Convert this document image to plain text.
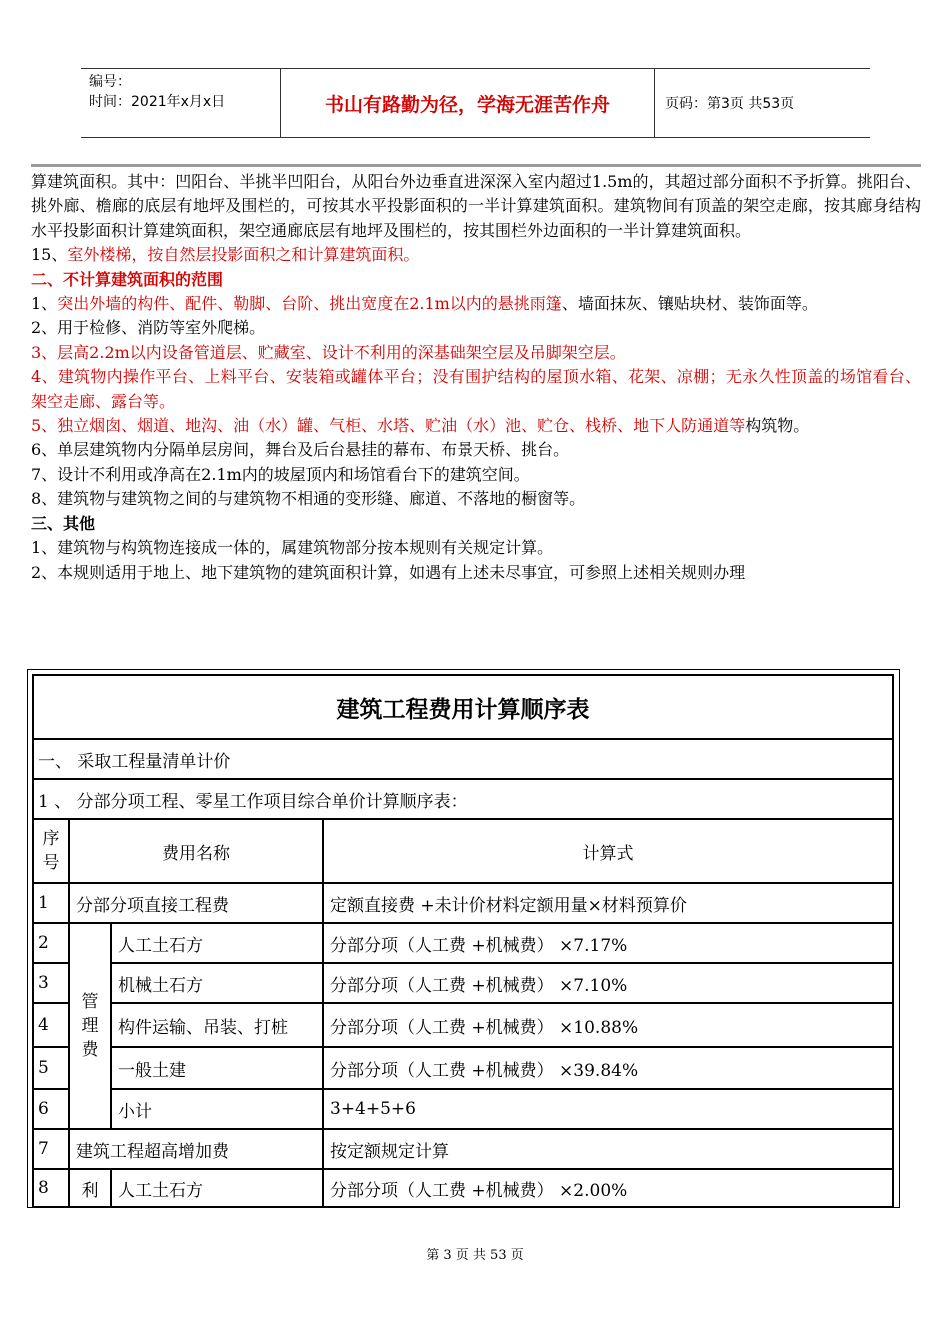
编号：
时间：2021年x月x日	书山有路勤为径，学海无涯苦作舟	页码：第3页 共53页

算建筑面积。其中：凹阳台、半挑半凹阳台，从阳台外边垂直进深深入室内超过1.5m的，其超过部分面积不予折算。挑阳台、挑外廊、檐廊的底层有地坪及围栏的，可按其水平投影面积的一半计算建筑面积。建筑物间有顶盖的架空走廊，按其廊身结构水平投影面积计算建筑面积，架空通廊底层有地坪及围栏的，按其围栏外边面积的一半计算建筑面积。

15、室外楼梯，按自然层投影面积之和计算建筑面积。

二、不计算建筑面积的范围

1、突出外墙的构件、配件、勒脚、台阶、挑出宽度在2.1m以内的悬挑雨篷、墙面抹灰、镶贴块材、装饰面等。

2、用于检修、消防等室外爬梯。

3、层高2.2m以内设备管道层、贮藏室、设计不利用的深基础架空层及吊脚架空层。

4、建筑物内操作平台、上料平台、安装箱或罐体平台；没有围护结构的屋顶水箱、花架、凉棚；无永久性顶盖的场馆看台、架空走廊、露台等。

5、独立烟囱、烟道、地沟、油（水）罐、气柜、水塔、贮油（水）池、贮仓、栈桥、地下人防通道等构筑物。

6、单层建筑物内分隔单层房间，舞台及后台悬挂的幕布、布景天桥、挑台。

7、设计不利用或净高在2.1m内的坡屋顶内和场馆看台下的建筑空间。

8、建筑物与建筑物之间的与建筑物不相通的变形缝、廊道、不落地的橱窗等。

三、其他

1、建筑物与构筑物连接成一体的，属建筑物部分按本规则有关规定计算。

2、本规则适用于地上、地下建筑物的建筑面积计算，如遇有上述未尽事宜，可参照上述相关规则办理

建筑工程费用计算顺序表			
一、 采取工程量清单计价			
1 、 分部分项工程、零星工作项目综合单价计算顺序表：			
序号	费用名称		计算式
1	分部分项直接工程费		定额直接费 +未计价材料定额用量×材料预算价
2	管理费	人工土石方	分部分项（人工费 +机械费） ×7.17%
3		机械土石方	分部分项（人工费 +机械费） ×7.10%
4		构件运输、吊装、打桩	分部分项（人工费 +机械费） ×10.88%
5		一般土建	分部分项（人工费 +机械费） ×39.84%
6		小计	3+4+5+6
7	建筑工程超高增加费		按定额规定计算
8	利	人工土石方	分部分项（人工费 +机械费） ×2.00%
第 3 页 共 53 页
